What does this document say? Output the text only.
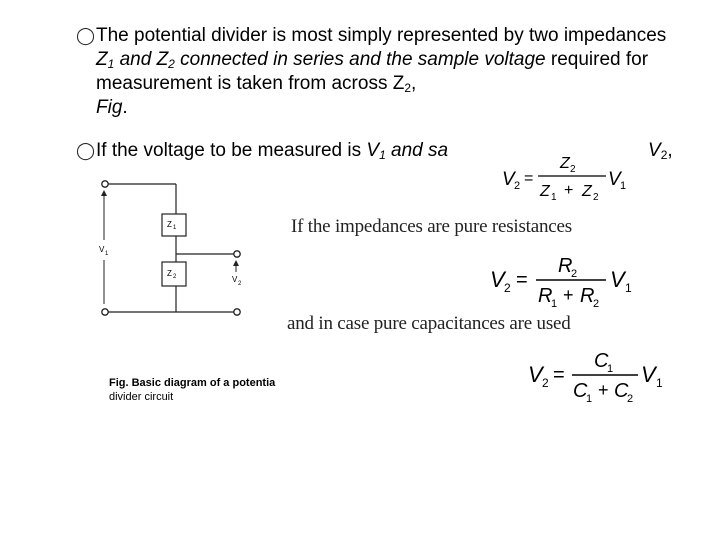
◯ The potential divider is most simply represented by two impedances $Z_1$ and $Z_2$ connected in series and the sample voltage required for measurement is taken from across $Z_2$,
Fig.
◯ If the voltage to be measured is $V_1$ and sa	$V_2$,
V 2 =
Z 2
Z 1 + Z 2
V 1
Z 1
Z 2
V 1
V 2
Fig. Basic diagram of a potentia
divider circuit
If the impedances are pure resistances
V 2 =
R
2
R
1 + R
2
V 1
and in case pure capacitances are used
V 2 =
C
1
C
1 + C
2
V 1
